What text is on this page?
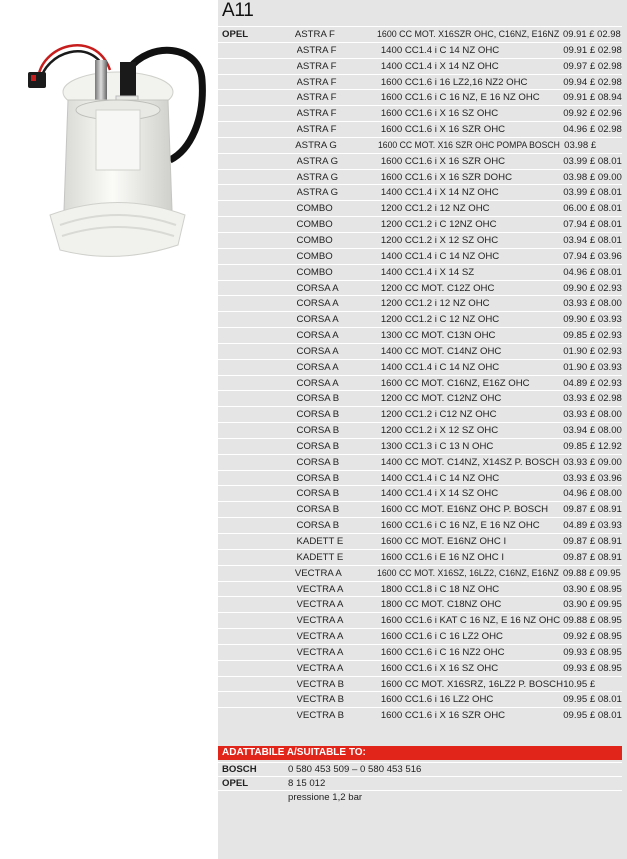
A11
OPEL	ASTRA F	1600 CC MOT. X16SZR OHC, C16NZ, E16NZ 09.91 £ 02.98
ASTRA F	1400 CC1.4 i C 14 NZ OHC	09.91 £ 02.98
ASTRA F	1400 CC1.4 i X 14 NZ OHC	09.97 £ 02.98
ASTRA F	1600 CC1.6 i 16 LZ2,16 NZ2 OHC	09.94 £ 02.98
ASTRA F	1600 CC1.6 i C 16 NZ, E 16 NZ OHC	09.91 £ 08.94
ASTRA F	1600 CC1.6 i X 16 SZ OHC	09.92 £ 02.96
ASTRA F	1600 CC1.6 i X 16 SZR OHC	04.96 £ 02.98
ASTRA G	1600 CC MOT. X16 SZR OHC POMPA BOSCH 03.98 £
ASTRA G	1600 CC1.6 i X 16 SZR OHC	03.99 £ 08.01
ASTRA G	1600 CC1.6 i X 16 SZR DOHC	03.98 £ 09.00
ASTRA G	1400 CC1.4 i X 14 NZ OHC	03.99 £ 08.01
COMBO	1200 CC1.2 i 12 NZ OHC	06.00 £ 08.01
COMBO	1200 CC1.2 i C 12NZ OHC	07.94 £ 08.01
COMBO	1200 CC1.2 i X 12 SZ OHC	03.94 £ 08.01
COMBO	1400 CC1.4 i C 14 NZ OHC	07.94 £ 03.96
COMBO	1400 CC1.4 i X 14 SZ	04.96 £ 08.01
CORSA A	1200 CC MOT. C12Z OHC	09.90 £ 02.93
CORSA A	1200 CC1.2 i 12 NZ OHC	03.93 £ 08.00
CORSA A	1200 CC1.2 i C 12 NZ OHC	09.90 £ 03.93
CORSA A	1300 CC MOT. C13N OHC	09.85 £ 02.93
CORSA A	1400 CC MOT. C14NZ OHC	01.90 £ 02.93
CORSA A	1400 CC1.4 i C 14 NZ OHC	01.90 £ 03.93
CORSA A	1600 CC MOT. C16NZ, E16Z OHC	04.89 £ 02.93
CORSA B	1200 CC MOT. C12NZ OHC	03.93 £ 02.98
CORSA B	1200 CC1.2 i C12 NZ OHC	03.93 £ 08.00
CORSA B	1200 CC1.2 i X 12 SZ OHC	03.94 £ 08.00
CORSA B	1300 CC1.3 i C 13 N OHC	09.85 £ 12.92
CORSA B	1400 CC MOT. C14NZ, X14SZ P. BOSCH 03.93 £ 09.00
CORSA B	1400 CC1.4 i C 14 NZ OHC	03.93 £ 03.96
CORSA B	1400 CC1.4 i X 14 SZ OHC	04.96 £ 08.00
CORSA B	1600 CC MOT. E16NZ OHC P. BOSCH	09.87 £ 08.91
CORSA B	1600 CC1.6 i C 16 NZ, E 16 NZ OHC	04.89 £ 03.93
KADETT E	1600 CC MOT. E16NZ OHC I	09.87 £ 08.91
KADETT E	1600 CC1.6 i E 16 NZ OHC I	09.87 £ 08.91
VECTRA A	1600 CC MOT. X16SZ, 16LZ2, C16NZ, E16NZ 09.88 £ 09.95
VECTRA A	1800 CC1.8 i C 18 NZ OHC	03.90 £ 08.95
VECTRA A	1800 CC MOT. C18NZ OHC	03.90 £ 09.95
VECTRA A	1600 CC1.6 i KAT C 16 NZ, E 16 NZ OHC 09.88 £ 08.95
VECTRA A	1600 CC1.6 i C 16 LZ2 OHC	09.92 £ 08.95
VECTRA A	1600 CC1.6 i C 16 NZ2 OHC	09.93 £ 08.95
VECTRA A	1600 CC1.6 i X 16 SZ OHC	09.93 £ 08.95
VECTRA B	1600 CC MOT. X16SRZ, 16LZ2 P. BOSCH 10.95 £
VECTRA B	1600 CC1.6 i 16 LZ2 OHC	09.95 £ 08.01
VECTRA B	1600 CC1.6 i X 16 SZR OHC	09.95 £ 08.01
ADATTABILE A/SUITABLE TO:
BOSCH	0 580 453 509 – 0 580 453 516
OPEL	8 15 012
pressione 1,2 bar
